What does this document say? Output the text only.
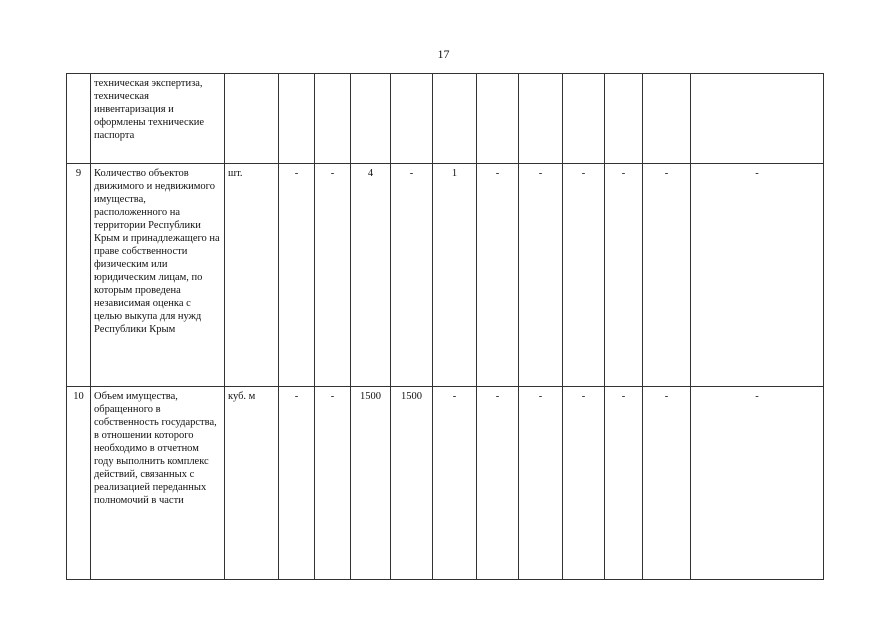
17
	техническая экспертиза, техническая инвентаризация и оформлены технические паспорта												
9	Количество объектов движимого и недвижимого имущества, расположенного на территории Республики Крым и принадлежащего на праве собственности физическим или юридическим лицам, по которым проведена независимая оценка с целью выкупа для нужд Республики Крым	шт.	-	-	4	-	1	-	-	-	-	-	-
10	Объем имущества, обращенного в собственность государства, в отношении которого необходимо в отчетном году выполнить комплекс действий, связанных с реализацией переданных полномочий в части	куб. м	-	-	1500	1500	-	-	-	-	-	-	-
